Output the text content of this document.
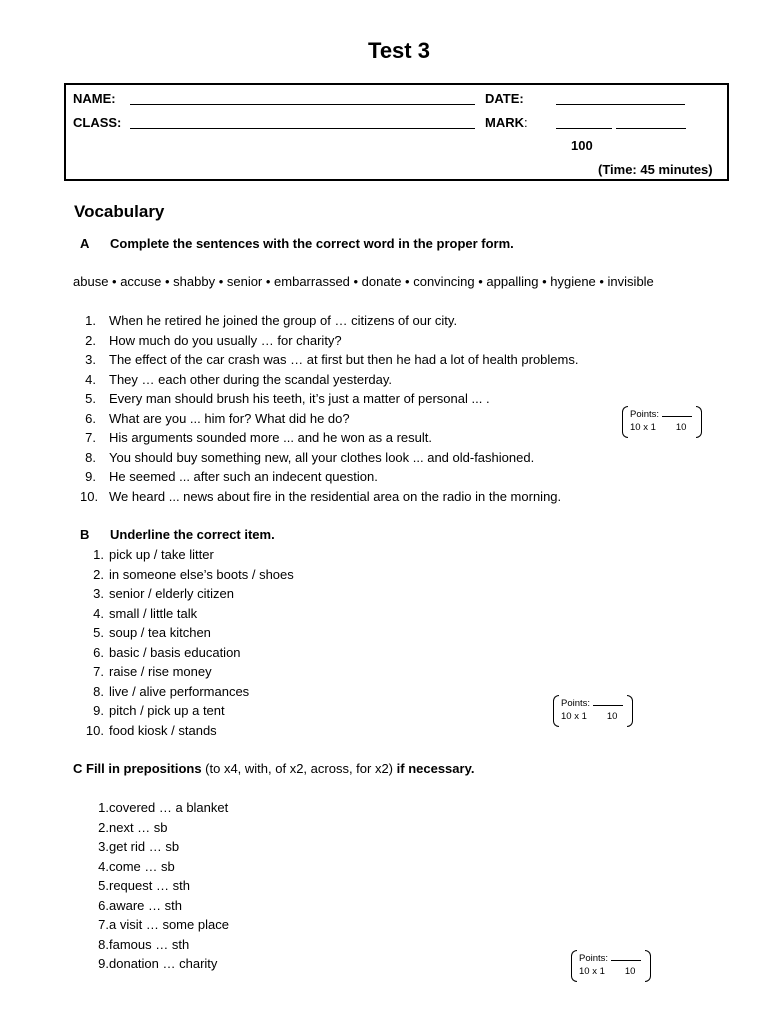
Test 3
NAME:	DATE:
CLASS:	MARK:
100
(Time: 45 minutes)
Vocabulary
A Complete the sentences with the correct word in the proper form.
abuse • accuse • shabby • senior • embarrassed • donate • convincing • appalling • hygiene • invisible
1. When he retired he joined the group of … citizens of our city.
2. How much do you usually … for charity?
3. The effect of the car crash was … at first but then he had a lot of health problems.
4. They … each other during the scandal yesterday.
5. Every man should brush his teeth, it’s just a matter of personal ... .
6. What are you ... him for? What did he do?
7. His arguments sounded more ... and he won as a result.
8. You should buy something new, all your clothes look ... and old-fashioned.
9. He seemed ... after such an indecent question.
10. We heard ... news about fire in the residential area on the radio in the morning.
Points:
10 x 1 10
B Underline the correct item.
1. pick up / take litter
2. in someone else’s boots / shoes
3. senior / elderly citizen
4. small / little talk
5. soup / tea kitchen
6. basic / basis education
7. raise / rise money
8. live / alive performances
9. pitch / pick up a tent
10. food kiosk / stands
Points:
10 x 1 10
C Fill in prepositions (to x4, with, of x2, across, for x2) if necessary.
1.covered … a blanket
2.next … sb
3.get rid … sb
4.come … sb
5.request … sth
6.aware … sth
7.a visit … some place
8.famous … sth
9.donation … charity	Points:
10 x 1 10
